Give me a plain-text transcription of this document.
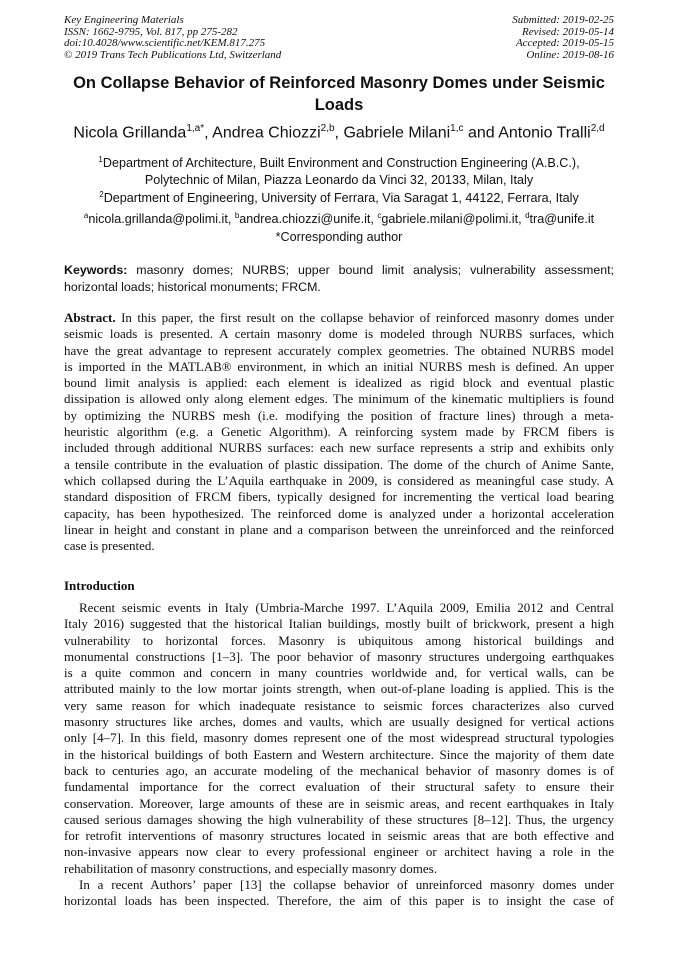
Key Engineering Materials
ISSN: 1662-9795, Vol. 817, pp 275-282
doi:10.4028/www.scientific.net/KEM.817.275
© 2019 Trans Tech Publications Ltd, Switzerland
Submitted: 2019-02-25
Revised: 2019-05-14
Accepted: 2019-05-15
Online: 2019-08-16
On Collapse Behavior of Reinforced Masonry Domes under Seismic
Loads
Nicola Grillanda$^{1,a*}$, Andrea Chiozzi$^{2,b}$, Gabriele Milani$^{1,c}$ and Antonio Tralli$^{2,d}$
$^1$Department of Architecture, Built Environment and Construction Engineering (A.B.C.),
Polytechnic of Milan, Piazza Leonardo da Vinci 32, 20133, Milan, Italy
$^2$Department of Engineering, University of Ferrara, Via Saragat 1, 44122, Ferrara, Italy
$^a$nicola.grillanda@polimi.it, $^b$andrea.chiozzi@unife.it, $^c$gabriele.milani@polimi.it, $^d$tra@unife.it
*Corresponding author
Keywords: masonry domes; NURBS; upper bound limit analysis; vulnerability assessment;
horizontal loads; historical monuments; FRCM.
Abstract. In this paper, the first result on the collapse behavior of reinforced masonry domes under
seismic loads is presented. A certain masonry dome is modeled through NURBS surfaces, which
have the great advantage to represent accurately complex geometries. The obtained NURBS model
is imported in the MATLAB® environment, in which an initial NURBS mesh is defined. An upper
bound limit analysis is applied: each element is idealized as rigid block and eventual plastic
dissipation is allowed only along element edges. The minimum of the kinematic multipliers is found
by optimizing the NURBS mesh (i.e. modifying the position of fracture lines) through a meta-
heuristic algorithm (e.g. a Genetic Algorithm). A reinforcing system made by FRCM fibers is
included through additional NURBS surfaces: each new surface represents a strip and exhibits only
a tensile contribute in the evaluation of plastic dissipation. The dome of the church of Anime Sante,
which collapsed during the L’Aquila earthquake in 2009, is considered as meaningful case study. A
standard disposition of FRCM fibers, typically designed for incrementing the vertical load bearing
capacity, has been hypothesized. The reinforced dome is analyzed under a horizontal acceleration
linear in height and constant in plane and a comparison between the unreinforced and the reinforced
case is presented.
Introduction
Recent seismic events in Italy (Umbria-Marche 1997. L’Aquila 2009, Emilia 2012 and Central
Italy 2016) suggested that the historical Italian buildings, mostly built of brickwork, present a high
vulnerability to horizontal forces. Masonry is ubiquitous among historical buildings and
monumental constructions [1–3]. The poor behavior of masonry structures undergoing earthquakes
is a quite common and concern in many countries worldwide and, for vertical walls, can be
attributed mainly to the low mortar joints strength, when out-of-plane loading is applied. This is the
very same reason for which inadequate resistance to seismic forces characterizes also curved
masonry structures like arches, domes and vaults, which are usually designed for vertical actions
only [4–7]. In this field, masonry domes represent one of the most widespread structural typologies
in the historical buildings of both Eastern and Western architecture. Since the majority of them date
back to centuries ago, an accurate modeling of the mechanical behavior of masonry domes is of
fundamental importance for the correct evaluation of their structural safety to ensure their
conservation. Moreover, large amounts of these are in seismic areas, and recent earthquakes in Italy
caused serious damages showing the high vulnerability of these structures [8–12]. Thus, the urgency
for retrofit interventions of masonry structures located in seismic areas that are both effective and
non-invasive appears now clear to every professional engineer or architect having a role in the
rehabilitation of masonry constructions, and especially masonry domes.
In a recent Authors’ paper [13] the collapse behavior of unreinforced masonry domes under
horizontal loads has been inspected. Therefore, the aim of this paper is to insight the case of
